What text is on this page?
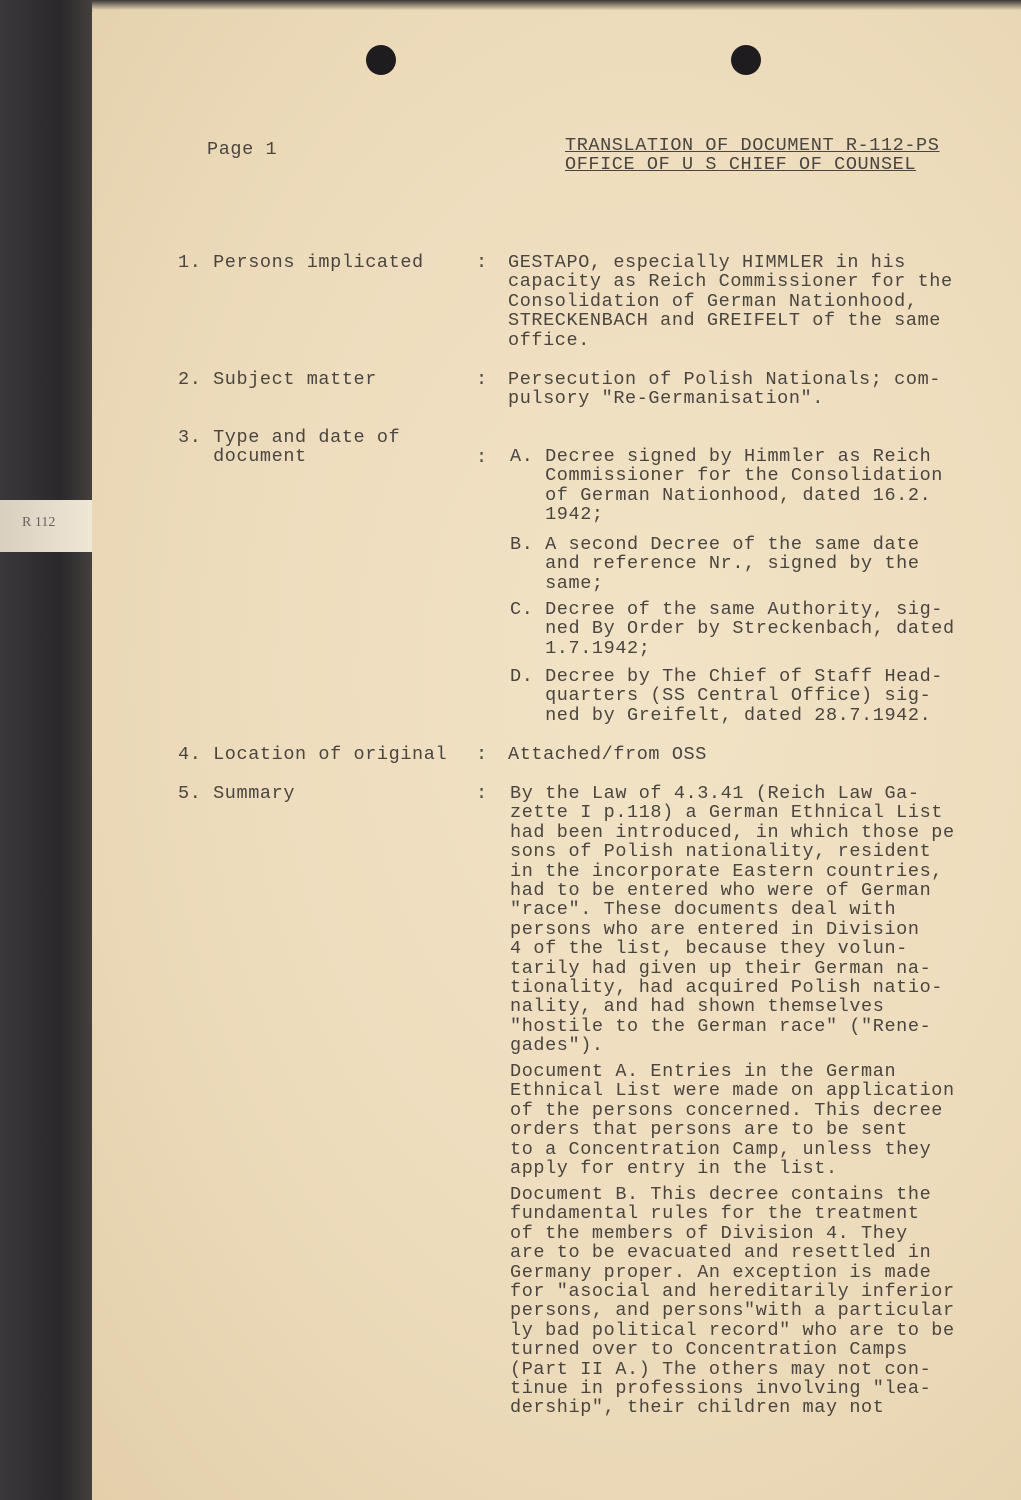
R 112
Page 1	TRANSLATION OF DOCUMENT R-112-PS
OFFICE OF U S CHIEF OF COUNSEL
1. Persons implicated	: GESTAPO, especially HIMMLER in his
capacity as Reich Commissioner for the
Consolidation of German Nationhood,
STRECKENBACH and GREIFELT of the same
office.
2. Subject matter	: Persecution of Polish Nationals; com-
pulsory "Re-Germanisation".
3. Type and date of
document	: A. Decree signed by Himmler as Reich
Commissioner for the Consolidation
of German Nationhood, dated 16.2.
1942;
B. A second Decree of the same date
and reference Nr., signed by the
same;
C. Decree of the same Authority, sig-
ned By Order by Streckenbach, dated
1.7.1942;
D. Decree by The Chief of Staff Head-
quarters (SS Central Office) sig-
ned by Greifelt, dated 28.7.1942.
4. Location of original : Attached/from OSS
5. Summary	: By the Law of 4.3.41 (Reich Law Ga-
zette I p.118) a German Ethnical List
had been introduced, in which those pe
sons of Polish nationality, resident
in the incorporate Eastern countries,
had to be entered who were of German
"race". These documents deal with
persons who are entered in Division
4 of the list, because they volun-
tarily had given up their German na-
tionality, had acquired Polish natio-
nality, and had shown themselves
"hostile to the German race" ("Rene-
gades").
Document A. Entries in the German
Ethnical List were made on application
of the persons concerned. This decree
orders that persons are to be sent
to a Concentration Camp, unless they
apply for entry in the list.
Document B. This decree contains the
fundamental rules for the treatment
of the members of Division 4. They
are to be evacuated and resettled in
Germany proper. An exception is made
for "asocial and hereditarily inferior
persons, and persons"with a particular
ly bad political record" who are to be
turned over to Concentration Camps
(Part II A.) The others may not con-
tinue in professions involving "lea-
dership", their children may not
